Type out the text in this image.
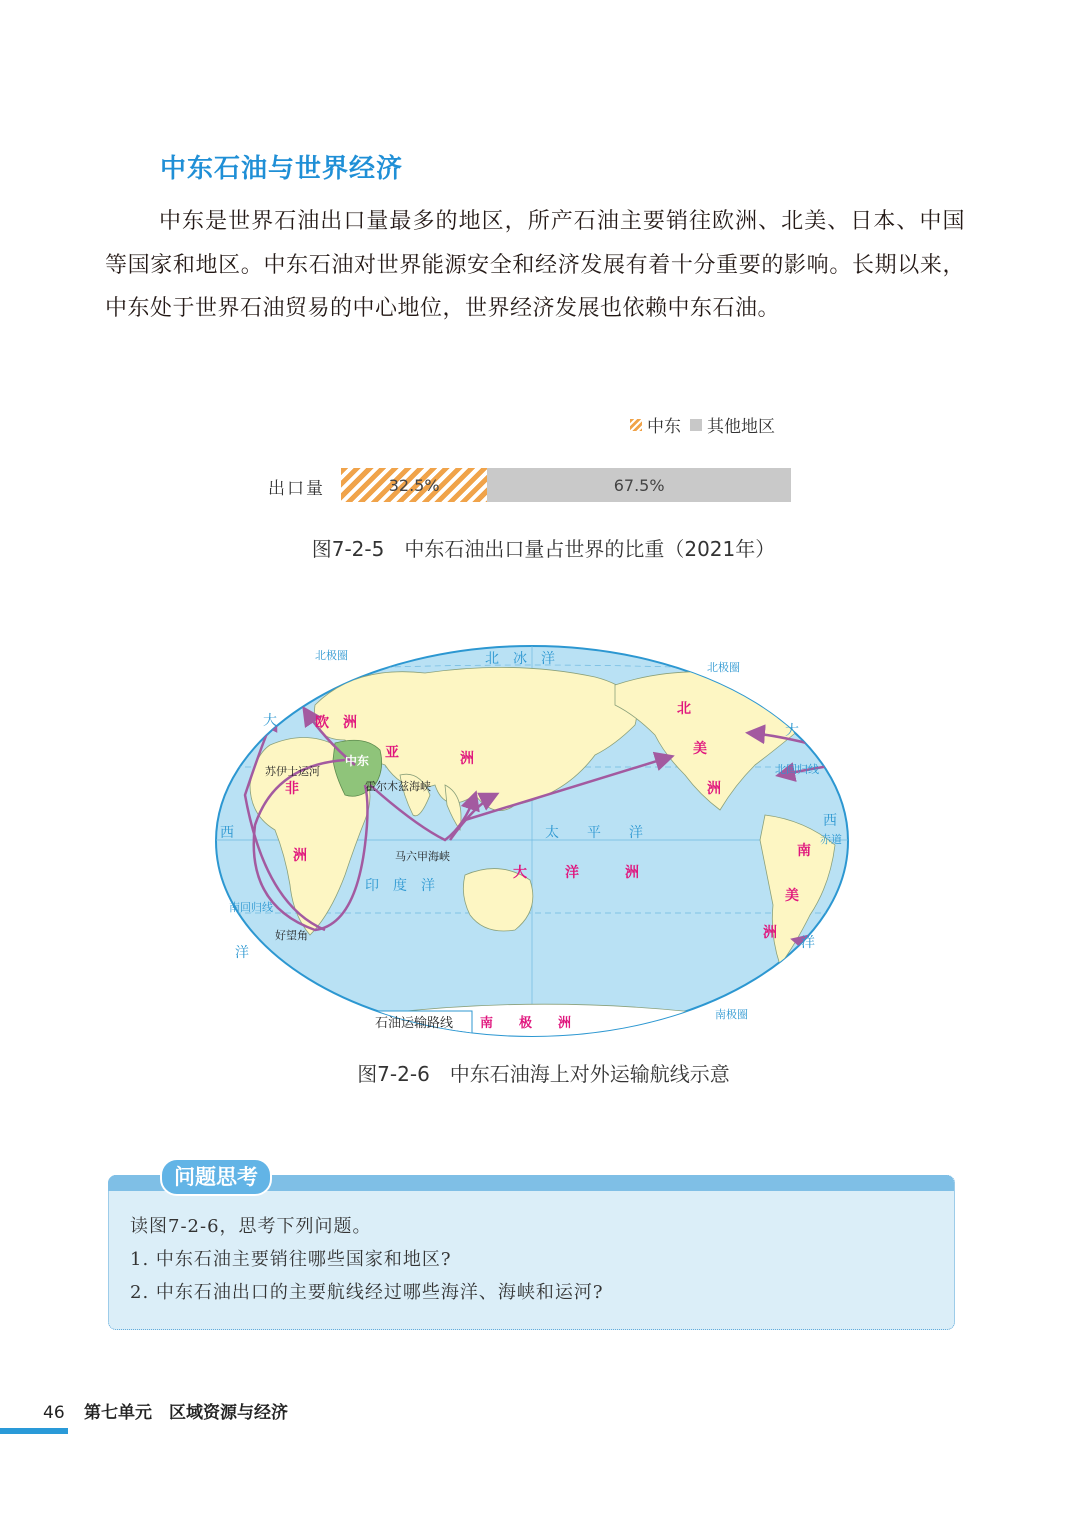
中东石油与世界经济

中东是世界石油出口量最多的地区，所产石油主要销往欧洲、北美、日本、中国等国家和地区。中东石油对世界能源安全和经济发展有着十分重要的影响。长期以来，中东处于世界石油贸易的中心地位，世界经济发展也依赖中东石油。

中东 其他地区
出口量	32.5%	67.5%
图7-2-5　中东石油出口量占世界的比重（2021年）
欧　洲
亚	洲
中东
非
洲
北
美
洲
南
美
洲
大	洋	洲
南　　极　　洲
北　冰　洋
太　　平　　洋
印　度　洋
大
西
洋
大
西
洋
北极圈
北回归线
南回归线
赤道
南极圈
北极圈
苏伊士运河
霍尔木兹海峡
马六甲海峡
好望角
石油运输路线
图7-2-6　中东石油海上对外运输航线示意
问题思考
读图7-2-6，思考下列问题。
1. 中东石油主要销往哪些国家和地区?
2. 中东石油出口的主要航线经过哪些海洋、海峡和运河?
46 第七单元　区域资源与经济
